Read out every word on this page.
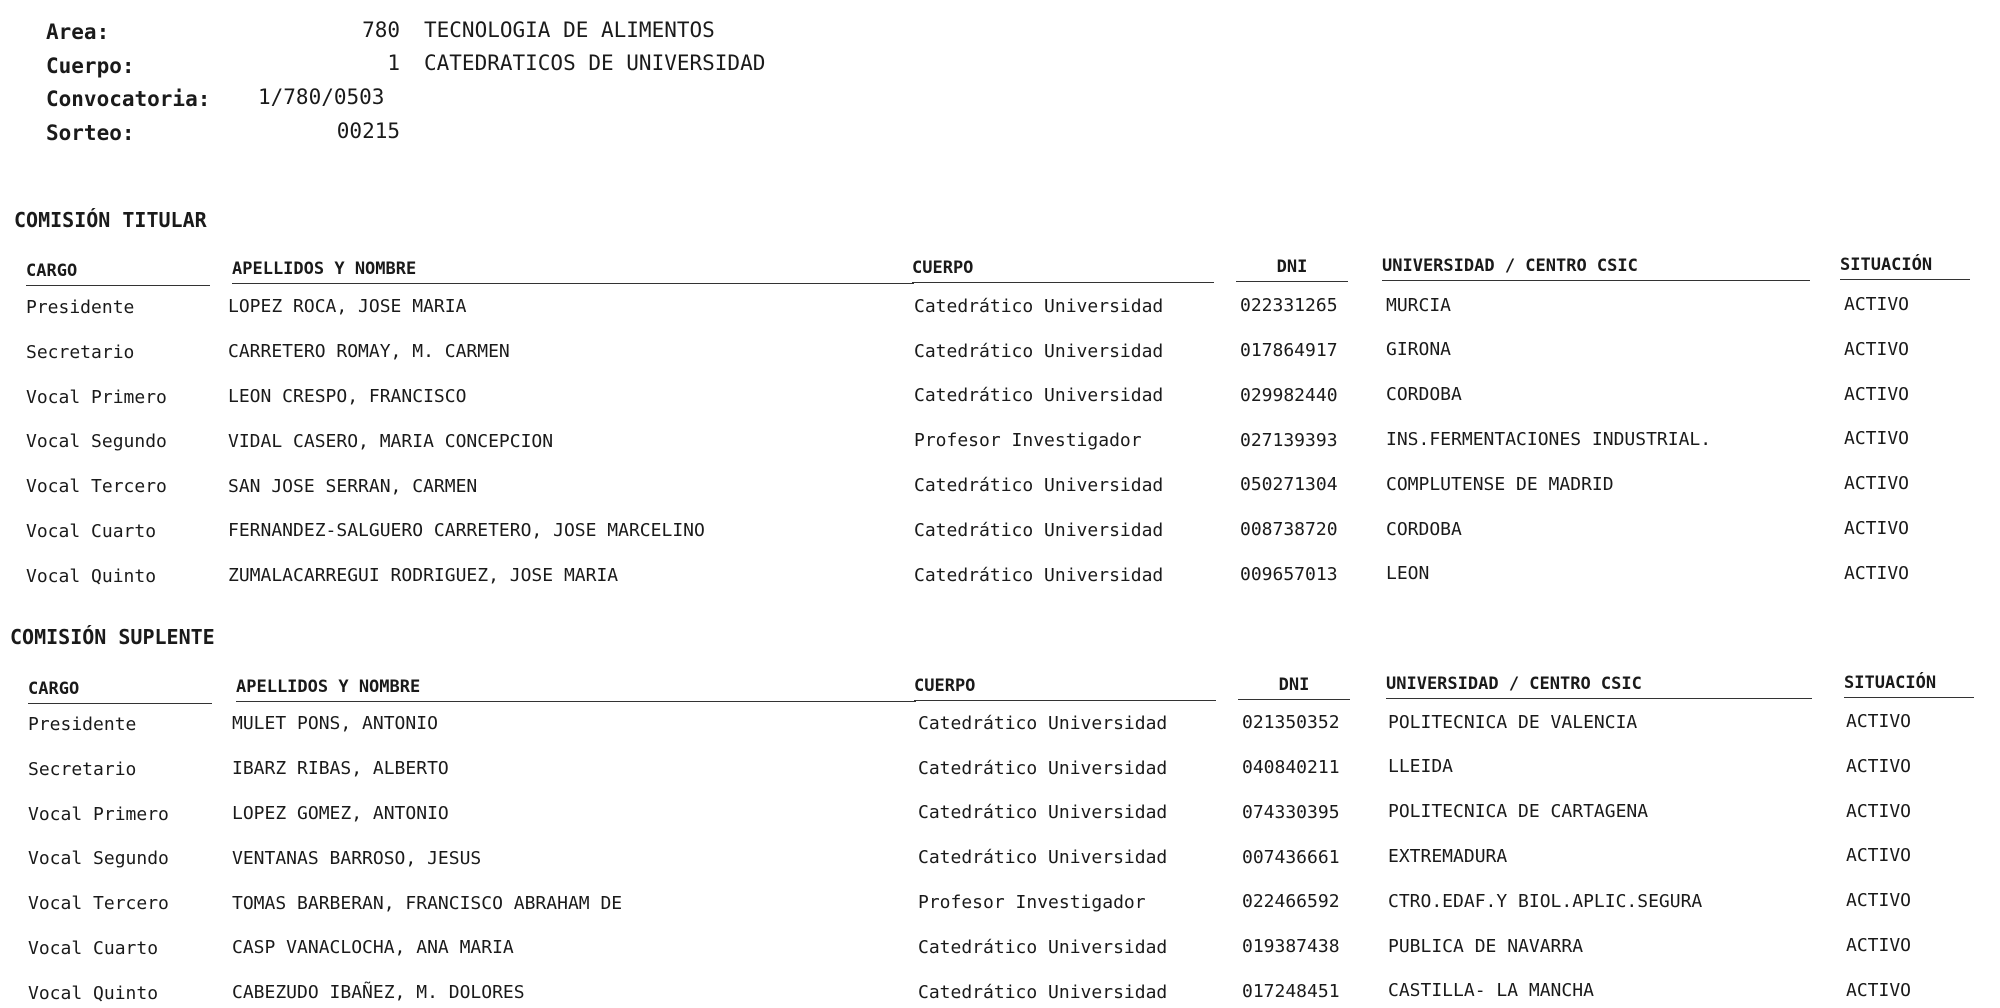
Area:	780 TECNOLOGIA DE ALIMENTOS
Cuerpo:	1 CATEDRATICOS DE UNIVERSIDAD
Convocatoria: 1/780/0503
Sorteo:	00215
COMISIÓN TITULAR
CARGO	APELLIDOS Y NOMBRE	CUERPO	DNI	UNIVERSIDAD / CENTRO CSIC	SITUACIÓN
Presidente	LOPEZ ROCA, JOSE MARIA	Catedrático Universidad	022331265	MURCIA	ACTIVO
Secretario	CARRETERO ROMAY, M. CARMEN	Catedrático Universidad	017864917	GIRONA	ACTIVO
Vocal Primero	LEON CRESPO, FRANCISCO	Catedrático Universidad	029982440	CORDOBA	ACTIVO
Vocal Segundo	VIDAL CASERO, MARIA CONCEPCION	Profesor Investigador	027139393	INS.FERMENTACIONES INDUSTRIAL.	ACTIVO
Vocal Tercero	SAN JOSE SERRAN, CARMEN	Catedrático Universidad	050271304	COMPLUTENSE DE MADRID	ACTIVO
Vocal Cuarto	FERNANDEZ-SALGUERO CARRETERO, JOSE MARCELINO	Catedrático Universidad	008738720	CORDOBA	ACTIVO
Vocal Quinto	ZUMALACARREGUI RODRIGUEZ, JOSE MARIA	Catedrático Universidad	009657013	LEON	ACTIVO
COMISIÓN SUPLENTE
CARGO	APELLIDOS Y NOMBRE	CUERPO	DNI	UNIVERSIDAD / CENTRO CSIC	SITUACIÓN
Presidente	MULET PONS, ANTONIO	Catedrático Universidad	021350352	POLITECNICA DE VALENCIA	ACTIVO
Secretario	IBARZ RIBAS, ALBERTO	Catedrático Universidad	040840211	LLEIDA	ACTIVO
Vocal Primero	LOPEZ GOMEZ, ANTONIO	Catedrático Universidad	074330395	POLITECNICA DE CARTAGENA	ACTIVO
Vocal Segundo	VENTANAS BARROSO, JESUS	Catedrático Universidad	007436661	EXTREMADURA	ACTIVO
Vocal Tercero	TOMAS BARBERAN, FRANCISCO ABRAHAM DE	Profesor Investigador	022466592	CTRO.EDAF.Y BIOL.APLIC.SEGURA	ACTIVO
Vocal Cuarto	CASP VANACLOCHA, ANA MARIA	Catedrático Universidad	019387438	PUBLICA DE NAVARRA	ACTIVO
Vocal Quinto	CABEZUDO IBAÑEZ, M. DOLORES	Catedrático Universidad	017248451	CASTILLA- LA MANCHA	ACTIVO
